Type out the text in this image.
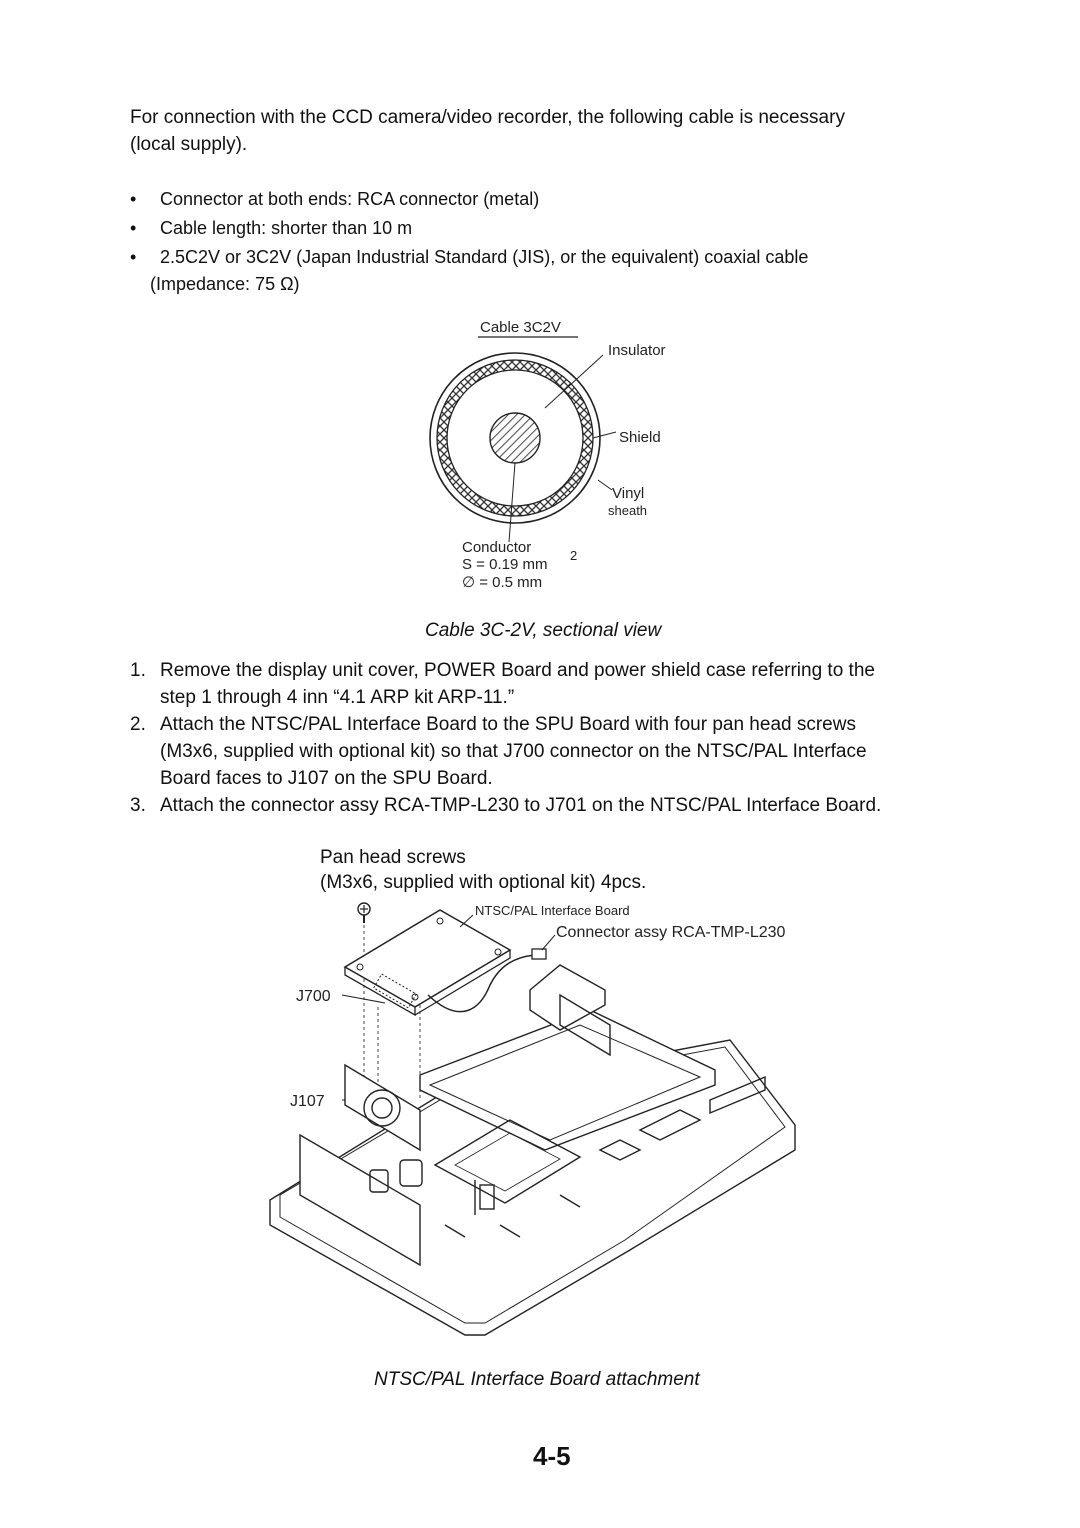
For connection with the CCD camera/video recorder, the following cable is necessary
(local supply).
•	Connector at both ends: RCA connector (metal)
•	Cable length: shorter than 10 m
•	2.5C2V or 3C2V (Japan Industrial Standard (JIS), or the equivalent) coaxial cable
(Impedance: 75 Ω)
Cable 3C2V
Insulator
Shield
Vinyl
sheath
Conductor
S = 0.19 mm
2
∅ = 0.5 mm
Cable 3C-2V, sectional view
1. Remove the display unit cover, POWER Board and power shield case referring to the
step 1 through 4 inn “4.1 ARP kit ARP-11.”
2. Attach the NTSC/PAL Interface Board to the SPU Board with four pan head screws
(M3x6, supplied with optional kit) so that J700 connector on the NTSC/PAL Interface
Board faces to J107 on the SPU Board.
3. Attach the connector assy RCA-TMP-L230 to J701 on the NTSC/PAL Interface Board.
Pan head screws
(M3x6, supplied with optional kit) 4pcs.
NTSC/PAL Interface Board
Connector assy RCA-TMP-L230
J700
J107
NTSC/PAL Interface Board attachment
4-5
